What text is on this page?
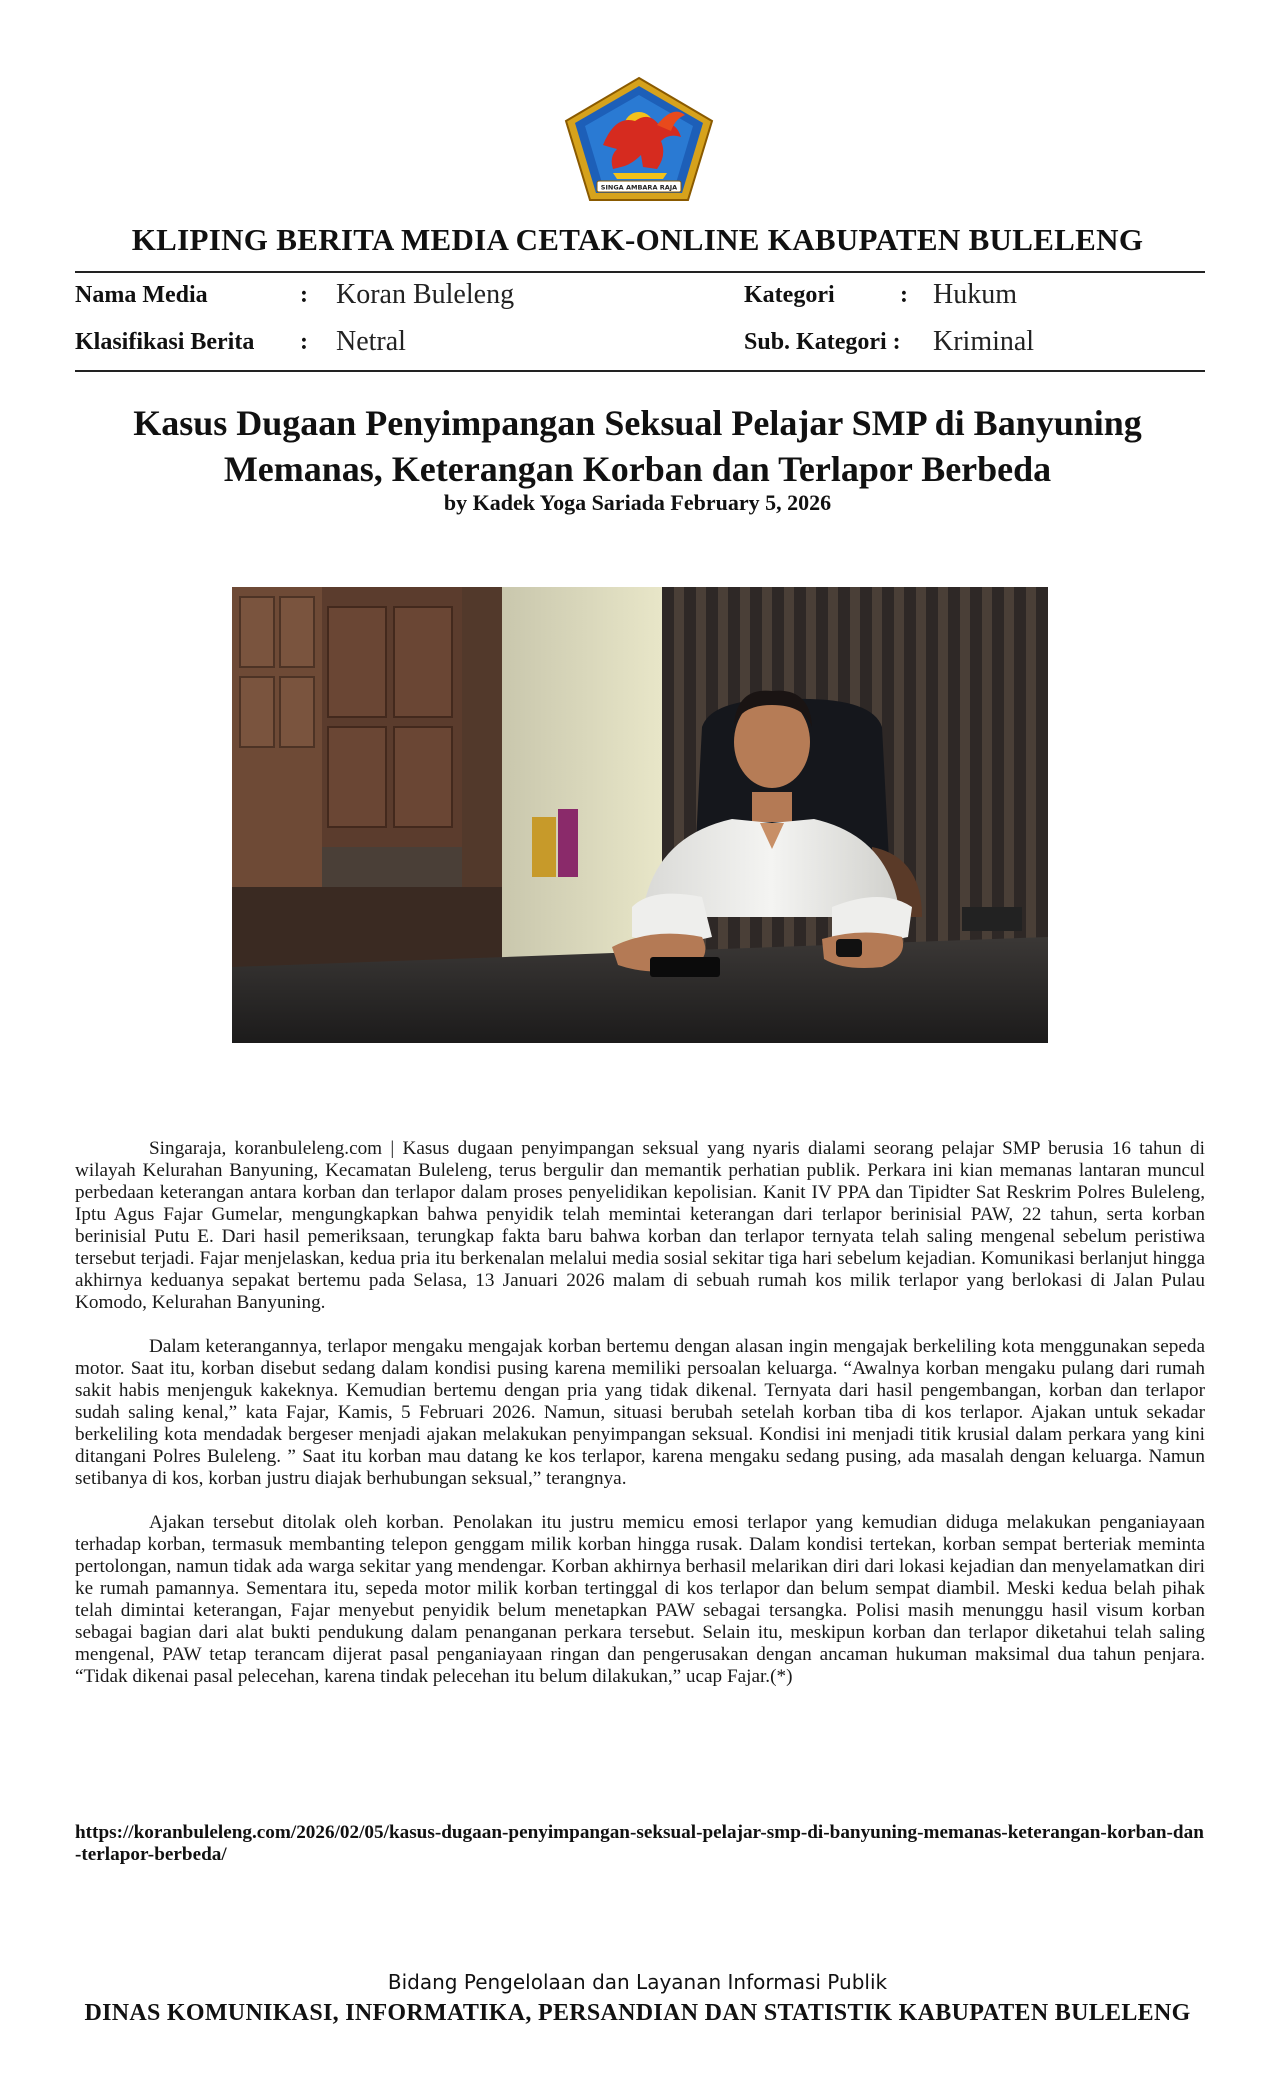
SINGA AMBARA RAJA
KLIPING BERITA MEDIA CETAK-ONLINE KABUPATEN BULELENG
Nama Media	: Koran Buleleng
Klasifikasi Berita : Netral
Kategori	: Hukum
Sub. Kategori : Kriminal
Kasus Dugaan Penyimpangan Seksual Pelajar SMP di Banyuning
Memanas, Keterangan Korban dan Terlapor Berbeda
by Kadek Yoga Sariada February 5, 2026

Singaraja, koranbuleleng.com | Kasus dugaan penyimpangan seksual yang nyaris dialami seorang pelajar SMP berusia 16 tahun di wilayah Kelurahan Banyuning, Kecamatan Buleleng, terus bergulir dan memantik perhatian publik. Perkara ini kian memanas lantaran muncul perbedaan keterangan antara korban dan terlapor dalam proses penyelidikan kepolisian. Kanit IV PPA dan Tipidter Sat Reskrim Polres Buleleng, Iptu Agus Fajar Gumelar, mengungkapkan bahwa penyidik telah memintai keterangan dari terlapor berinisial PAW, 22 tahun, serta korban berinisial Putu E. Dari hasil pemeriksaan, terungkap fakta baru bahwa korban dan terlapor ternyata telah saling mengenal sebelum peristiwa tersebut terjadi. Fajar menjelaskan, kedua pria itu berkenalan melalui media sosial sekitar tiga hari sebelum kejadian. Komunikasi berlanjut hingga akhirnya keduanya sepakat bertemu pada Selasa, 13 Januari 2026 malam di sebuah rumah kos milik terlapor yang berlokasi di Jalan Pulau Komodo, Kelurahan Banyuning.

Dalam keterangannya, terlapor mengaku mengajak korban bertemu dengan alasan ingin mengajak berkeliling kota menggunakan sepeda motor. Saat itu, korban disebut sedang dalam kondisi pusing karena memiliki persoalan keluarga. “Awalnya korban mengaku pulang dari rumah sakit habis menjenguk kakeknya. Kemudian bertemu dengan pria yang tidak dikenal. Ternyata dari hasil pengembangan, korban dan terlapor sudah saling kenal,” kata Fajar, Kamis, 5 Februari 2026. Namun, situasi berubah setelah korban tiba di kos terlapor. Ajakan untuk sekadar berkeliling kota mendadak bergeser menjadi ajakan melakukan penyimpangan seksual. Kondisi ini menjadi titik krusial dalam perkara yang kini ditangani Polres Buleleng. ” Saat itu korban mau datang ke kos terlapor, karena mengaku sedang pusing, ada masalah dengan keluarga. Namun setibanya di kos, korban justru diajak berhubungan seksual,” terangnya.

Ajakan tersebut ditolak oleh korban. Penolakan itu justru memicu emosi terlapor yang kemudian diduga melakukan penganiayaan terhadap korban, termasuk membanting telepon genggam milik korban hingga rusak. Dalam kondisi tertekan, korban sempat berteriak meminta pertolongan, namun tidak ada warga sekitar yang mendengar. Korban akhirnya berhasil melarikan diri dari lokasi kejadian dan menyelamatkan diri ke rumah pamannya. Sementara itu, sepeda motor milik korban tertinggal di kos terlapor dan belum sempat diambil. Meski kedua belah pihak telah dimintai keterangan, Fajar menyebut penyidik belum menetapkan PAW sebagai tersangka. Polisi masih menunggu hasil visum korban sebagai bagian dari alat bukti pendukung dalam penanganan perkara tersebut. Selain itu, meskipun korban dan terlapor diketahui telah saling mengenal, PAW tetap terancam dijerat pasal penganiayaan ringan dan pengerusakan dengan ancaman hukuman maksimal dua tahun penjara. “Tidak dikenai pasal pelecehan, karena tindak pelecehan itu belum dilakukan,” ucap Fajar.(*)

https://koranbuleleng.com/2026/02/05/kasus-dugaan-penyimpangan-seksual-pelajar-smp-di-banyuning-memanas-keterangan-korban-dan-terlapor-berbeda/
Bidang Pengelolaan dan Layanan Informasi Publik
DINAS KOMUNIKASI, INFORMATIKA, PERSANDIAN DAN STATISTIK KABUPATEN BULELENG
